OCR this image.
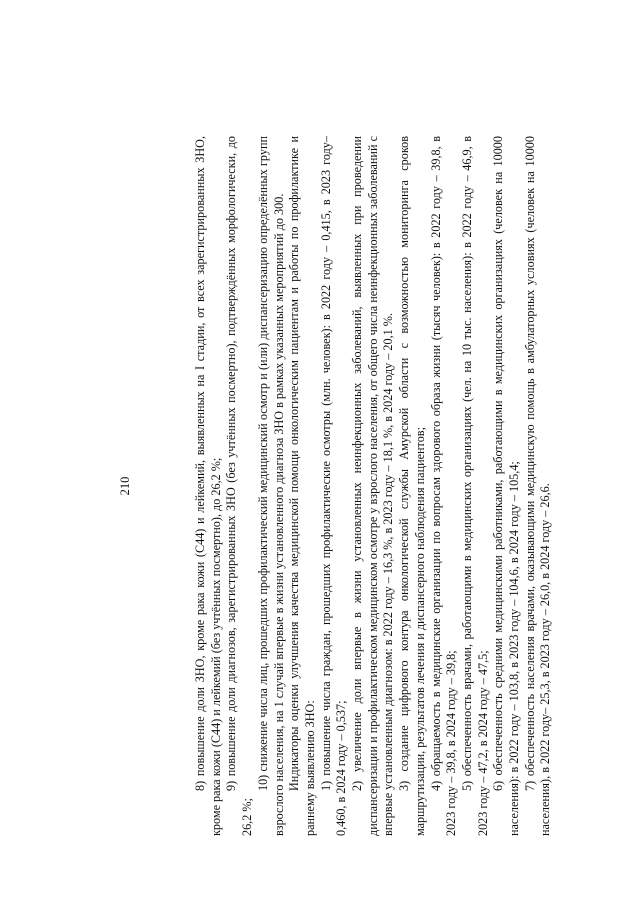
210	8) повышение доли ЗНО, кроме рака кожи (С44) и лейкемий, выявленных на I стадии, от всех зарегистрированных ЗНО, кроме рака кожи (С44) и лейкемий (без учтённых посмертно), до 26,2 %; 9) повышение доли диагнозов, зарегистрированных ЗНО (без учтённых посмертно), подтверждённых морфологически, до 26,2 %;

10) снижение числа лиц, прошедших профилактический медицинский осмотр и (или) диспансеризацию определённых групп взрослого населения, на 1 случай впервые в жизни установленного диагноза ЗНО в рамках указанных мероприятий до 300. Индикаторы оценки улучшения качества медицинской помощи онкологическим пациентам и работы по профилактике и раннему выявлению ЗНО: 1) повышение числа граждан, прошедших профилактические осмотры (млн. человек): в 2022 году – 0,415, в 2023 году– 0,460, в 2024 году – 0,537; 2) увеличение доли впервые в жизни установленных неинфекционных заболеваний, выявленных при проведении диспансеризации и профилактическом медицинском осмотре у взрослого населения, от общего числа неинфекционных заболеваний с впервые установленным диагнозом: в 2022 году – 16,3 %, в 2023 году – 18,1 %, в 2024 году – 20,1 %. 3) создание цифрового контура онкологической службы Амурской области с возможностью мониторинга сроков маршрутизации, результатов лечения и диспансерного наблюдения пациентов; 4) обращаемость в медицинские организации по вопросам здорового образа жизни (тысяч человек): в 2022 году – 39,8, в 2023 году – 39,8, в 2024 году – 39,8; 5) обеспеченность врачами, работающими в медицинских организациях (чел. на 10 тыс. населения): в 2022 году – 46,9, в 2023 году – 47,2, в 2024 году – 47,5; 6) обеспеченность средними медицинскими работниками, работающими в медицинских организациях (человек на 10000 населения): в 2022 году – 103,8, в 2023 году – 104,6, в 2024 году – 105,4; 7) обеспеченность населения врачами, оказывающими медицинскую помощь в амбулаторных условиях (человек на 10000 населения), в 2022 году– 25,3, в 2023 году – 26,0, в 2024 году – 26,6.
